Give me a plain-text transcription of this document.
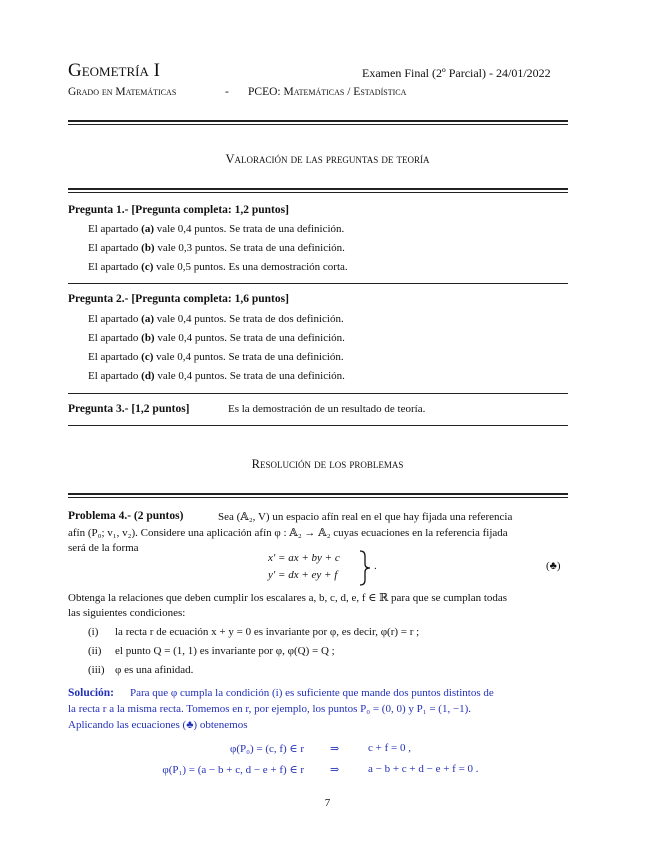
Geometría I	Examen Final (2º Parcial) - 24/01/2022
Grado en Matemáticas	- PCEO: Matemáticas / Estadística
Valoración de las preguntas de teoría
Pregunta 1.- [Pregunta completa: 1,2 puntos]
El apartado (a) vale 0,4 puntos. Se trata de una definición.
El apartado (b) vale 0,3 puntos. Se trata de una definición.
El apartado (c) vale 0,5 puntos. Es una demostración corta.
Pregunta 2.- [Pregunta completa: 1,6 puntos]
El apartado (a) vale 0,4 puntos. Se trata de dos definición.
El apartado (b) vale 0,4 puntos. Se trata de una definición.
El apartado (c) vale 0,4 puntos. Se trata de una definición.
El apartado (d) vale 0,4 puntos. Se trata de una definición.
Pregunta 3.- [1,2 puntos]	Es la demostración de un resultado de teoría.
Resolución de los problemas
Problema 4.- (2 puntos)	Sea (𝔸₂, V) un espacio afín real en el que hay fijada una referencia
afín (P₀; v₁, v₂). Considere una aplicación afín φ : 𝔸₂ → 𝔸₂ cuyas ecuaciones en la referencia fijada
será de la forma
x′ = ax + by + c
y′ = dx + ey + f
.	(♣)
Obtenga la relaciones que deben cumplir los escalares a, b, c, d, e, f ∈ ℝ para que se cumplan todas
las siguientes condiciones:
(i) la recta r de ecuación x + y = 0 es invariante por φ, es decir, φ(r) = r ;
(ii) el punto Q = (1, 1) es invariante por φ, φ(Q) = Q ;
(iii) φ es una afinidad.
Solución: Para que φ cumpla la condición (i) es suficiente que mande dos puntos distintos de
la recta r a la misma recta. Tomemos en r, por ejemplo, los puntos P₀ = (0, 0) y P₁ = (1, −1).
Aplicando las ecuaciones (♣) obtenemos
φ(P₀) = (c, f) ∈ r ⇒	c + f = 0 ,
φ(P₁) = (a − b + c, d − e + f) ∈ r ⇒	a − b + c + d − e + f = 0 .
7
